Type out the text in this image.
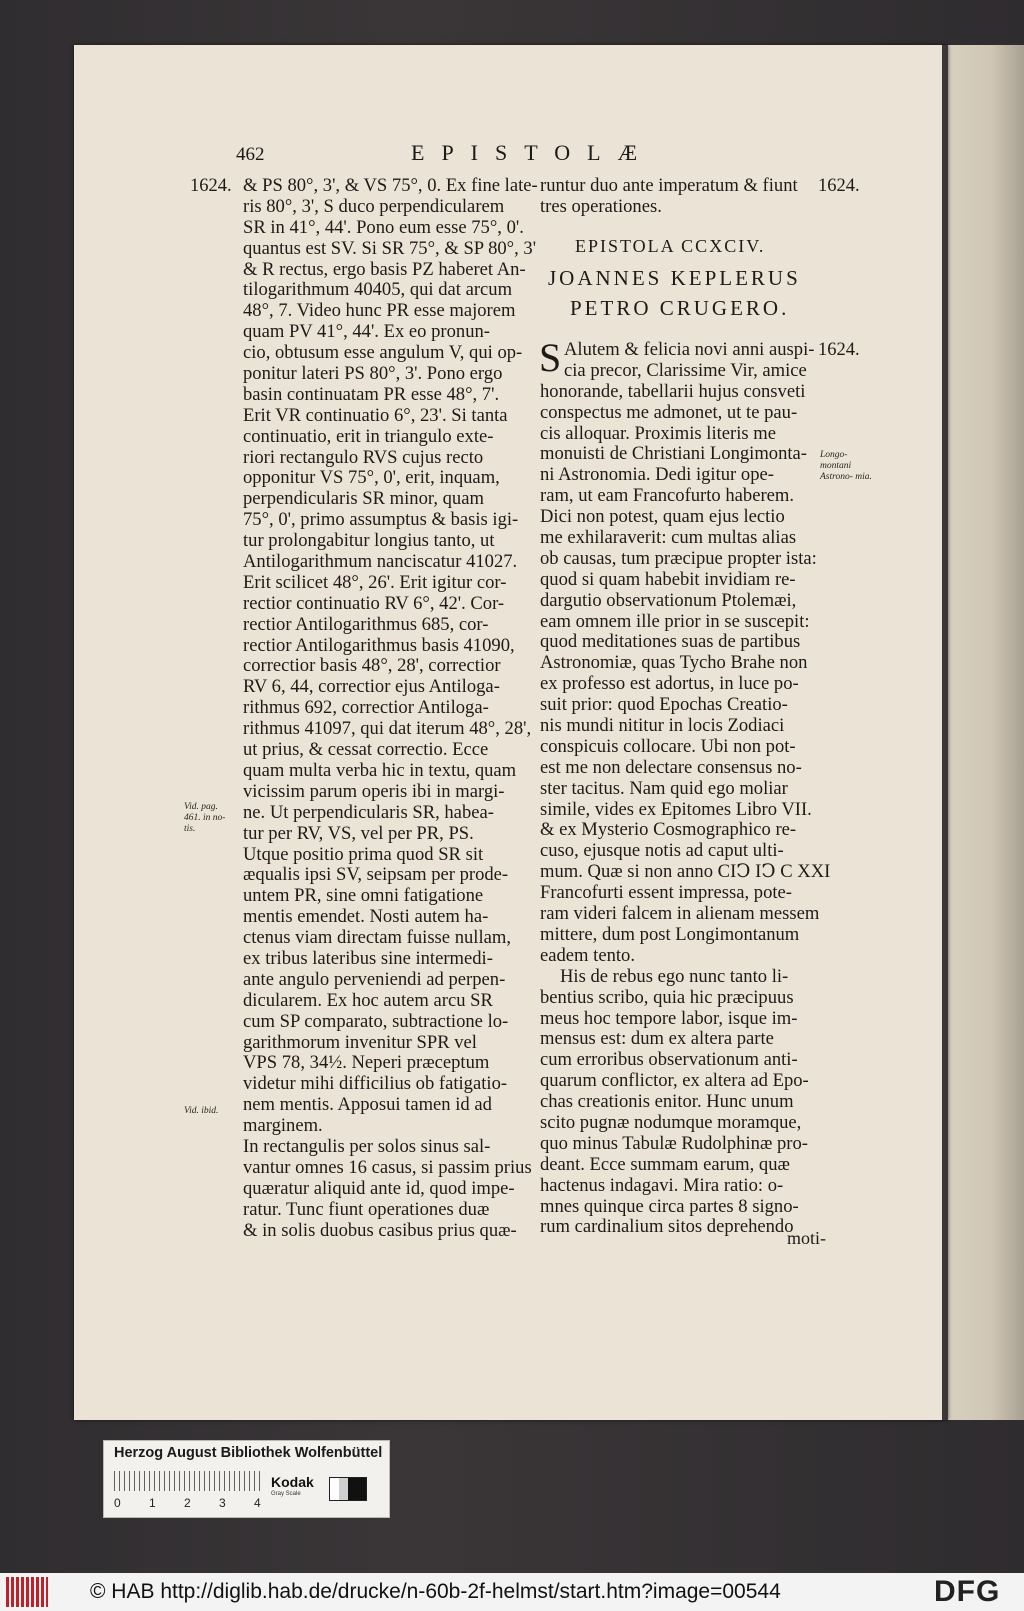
462	EPISTOLÆ
1624. & PS 80°, 3', & VS 75°, 0. Ex fine late-
ris 80°, 3', S duco perpendicularem
SR in 41°, 44'. Pono eum esse 75°, 0'.
quantus est SV. Si SR 75°, & SP 80°, 3'
& R rectus, ergo basis PZ haberet An-
tilogarithmum 40405, qui dat arcum
48°, 7. Video hunc PR esse majorem
quam PV 41°, 44'. Ex eo pronun-
cio, obtusum esse angulum V, qui op-
ponitur lateri PS 80°, 3'. Pono ergo
basin continuatam PR esse 48°, 7'.
Erit VR continuatio 6°, 23'. Si tanta
continuatio, erit in triangulo exte-
riori rectangulo RVS cujus recto
opponitur VS 75°, 0', erit, inquam,
perpendicularis SR minor, quam
75°, 0', primo assumptus & basis igi-
tur prolongabitur longius tanto, ut
Antilogarithmum nanciscatur 41027.
Erit scilicet 48°, 26'. Erit igitur cor-
rectior continuatio RV 6°, 42'. Cor-
rectior Antilogarithmus 685, cor-
rectior Antilogarithmus basis 41090,
correctior basis 48°, 28', correctior
RV 6, 44, correctior ejus Antiloga-
rithmus 692, correctior Antiloga-
rithmus 41097, qui dat iterum 48°, 28',
ut prius, & cessat correctio. Ecce
quam multa verba hic in textu, quam
vicissim parum operis ibi in margi-
ne. Ut perpendicularis SR, habea-
tur per RV, VS, vel per PR, PS.
Utque positio prima quod SR sit
æqualis ipsi SV, seipsam per prode-
untem PR, sine omni fatigatione
mentis emendet. Nosti autem ha-
ctenus viam directam fuisse nullam,
ex tribus lateribus sine intermedi-
ante angulo perveniendi ad perpen-
dicularem. Ex hoc autem arcu SR
cum SP comparato, subtractione lo-
garithmorum invenitur SPR vel
VPS 78, 34½. Neperi præceptum
videtur mihi difficilius ob fatigatio-
nem mentis. Apposui tamen id ad
marginem.
In rectangulis per solos sinus sal-
vantur omnes 16 casus, si passim prius
quæratur aliquid ante id, quod impe-
ratur. Tunc fiunt operationes duæ
& in solis duobus casibus prius quæ-
Vid. pag. 461. in no- tis.
Vid. ibid.
runtur duo ante imperatum & fiunt
tres operationes.
1624.
EPISTOLA CCXCIV.
JOANNES KEPLERUS
PETRO CRUGERO.
S	1624.
Alutem & felicia novi anni auspi-
cia precor, Clarissime Vir, amice
honorande, tabellarii hujus consveti
conspectus me admonet, ut te pau-
cis alloquar. Proximis literis me
monuisti de Christiani Longimonta-
ni Astronomia. Dedi igitur ope-
ram, ut eam Francofurto haberem.
Dici non potest, quam ejus lectio
me exhilaraverit: cum multas alias
ob causas, tum præcipue propter ista:
quod si quam habebit invidiam re-
dargutio observationum Ptolemæi,
eam omnem ille prior in se suscepit:
quod meditationes suas de partibus
Astronomiæ, quas Tycho Brahe non
ex professo est adortus, in luce po-
suit prior: quod Epochas Creatio-
nis mundi nititur in locis Zodiaci
conspicuis collocare. Ubi non pot-
est me non delectare consensus no-
ster tacitus. Nam quid ego moliar
simile, vides ex Epitomes Libro VII.
& ex Mysterio Cosmographico re-
cuso, ejusque notis ad caput ulti-
mum. Quæ si non anno CIↃ IↃ C XXI
Francofurti essent impressa, pote-
ram videri falcem in alienam messem
mittere, dum post Longimontanum
eadem tento.
His de rebus ego nunc tanto li-
bentius scribo, quia hic præcipuus
meus hoc tempore labor, isque im-
mensus est: dum ex altera parte
cum erroribus observationum anti-
quarum conflictor, ex altera ad Epo-
chas creationis enitor. Hunc unum
scito pugnæ nodumque moramque,
quo minus Tabulæ Rudolphinæ pro-
deant. Ecce summam earum, quæ
hactenus indagavi. Mira ratio: o-
mnes quinque circa partes 8 signo-
rum cardinalium sitos deprehendo
Longo- montani Astrono- mia.
moti-
Herzog August Bibliothek Wolfenbüttel
0 1 2 3 4
Kodak
Gray Scale
© HAB http://diglib.hab.de/drucke/n-60b-2f-helmst/start.htm?image=00544	DFG
